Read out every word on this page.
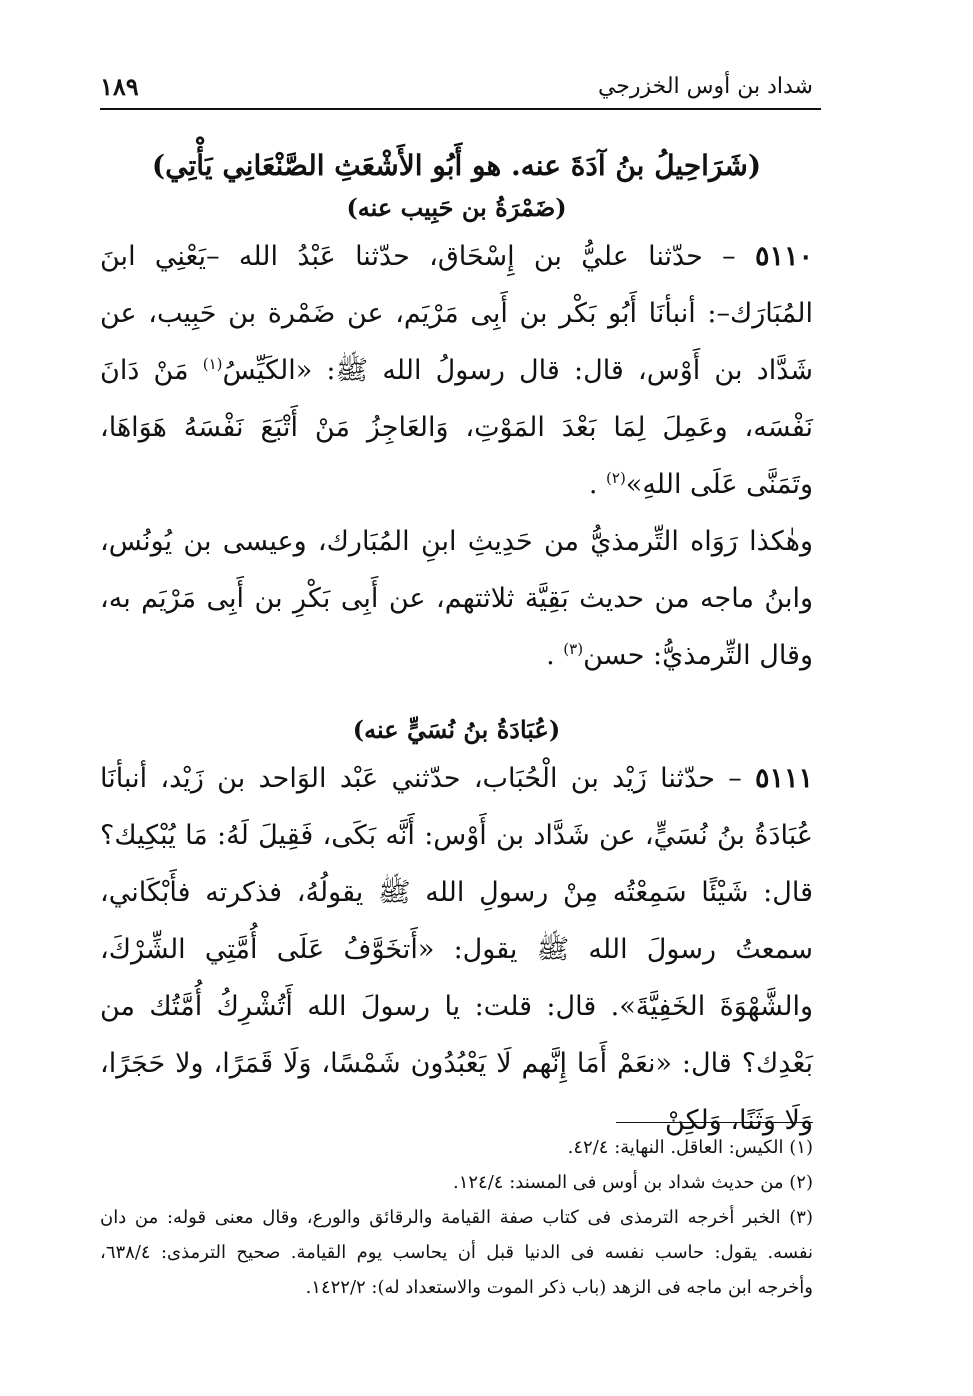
شداد بن أوس الخزرجي
١٨٩

(شَرَاحِيلُ بنُ آدَةَ عنه. هو أَبُو الأَشْعَثِ الصَّنْعَانِي يَأْتِي)

(ضَمْرَةُ بن حَبِيب عنه)

٥١١٠ – حدّثنا عليُّ بن إِسْحَاق، حدّثنا عَبْدُ الله –يَعْنِي ابنَ المُبَارَك–: أنبأنَا أَبُو بَكْر بن أَبِى مَرْيَم، عن ضَمْرة بن حَبِيب، عن شَدَّاد بن أَوْس، قال: قال رسولُ الله ﷺ: «الكَيِّسُ$^{(١)}$ مَنْ دَانَ نَفْسَه، وعَمِلَ لِمَا بَعْدَ المَوْتِ، وَالعَاجِزُ مَنْ أَتْبَعَ نَفْسَهُ هَوَاهَا، وتَمَنَّى عَلَى اللهِ»$^{(٢)}$ .

وهٰكذا رَوَاه التِّرمذيُّ من حَدِيثِ ابنِ المُبَارك، وعيسى بن يُونُس، وابنُ ماجه من حديث بَقِيَّة ثلاثتهم، عن أَبِى بَكْرِ بن أَبِى مَرْيَم به، وقال التِّرمذيُّ: حسن$^{(٣)}$ .

(عُبَادَةُ بنُ نُسَيٍّ عنه)

٥١١١ – حدّثنا زَيْد بن الْحُبَاب، حدّثني عَبْد الوَاحد بن زَيْد، أنبأنَا عُبَادَةُ بنُ نُسَيٍّ، عن شَدَّاد بن أَوْس: أَنَّه بَكَى، فَقِيلَ لَهُ: مَا يُبْكِيك؟ قال: شَيْئًا سَمِعْتُه مِنْ رسولِ الله ﷺ يقولُهُ، فذكرته فأَبْكَاني، سمعتُ رسولَ الله ﷺ يقول: «أَتخَوَّفُ عَلَى أُمَّتِي الشِّرْكَ، والشَّهْوَةَ الخَفِيَّةَ». قال: قلت: يا رسولَ الله أَتُشْرِكُ أُمَّتُك من بَعْدِك؟ قال: «نعَمْ أَمَا إِنَّهم لَا يَعْبُدُون شَمْسًا، وَلَا قَمَرًا، ولا حَجَرًا، وَلَا وَثَنًا، وَلكِنْ

(١) الكيس: العاقل. النهاية: ٤٢/٤.

(٢) من حديث شداد بن أوس فى المسند: ١٢٤/٤.

(٣) الخبر أخرجه الترمذى فى كتاب صفة القيامة والرقائق والورع، وقال معنى قوله: من دان نفسه. يقول: حاسب نفسه فى الدنيا قبل أن يحاسب يوم القيامة. صحيح الترمذى: ٦٣٨/٤، وأخرجه ابن ماجه فى الزهد (باب ذكر الموت والاستعداد له): ١٤٢٢/٢.
